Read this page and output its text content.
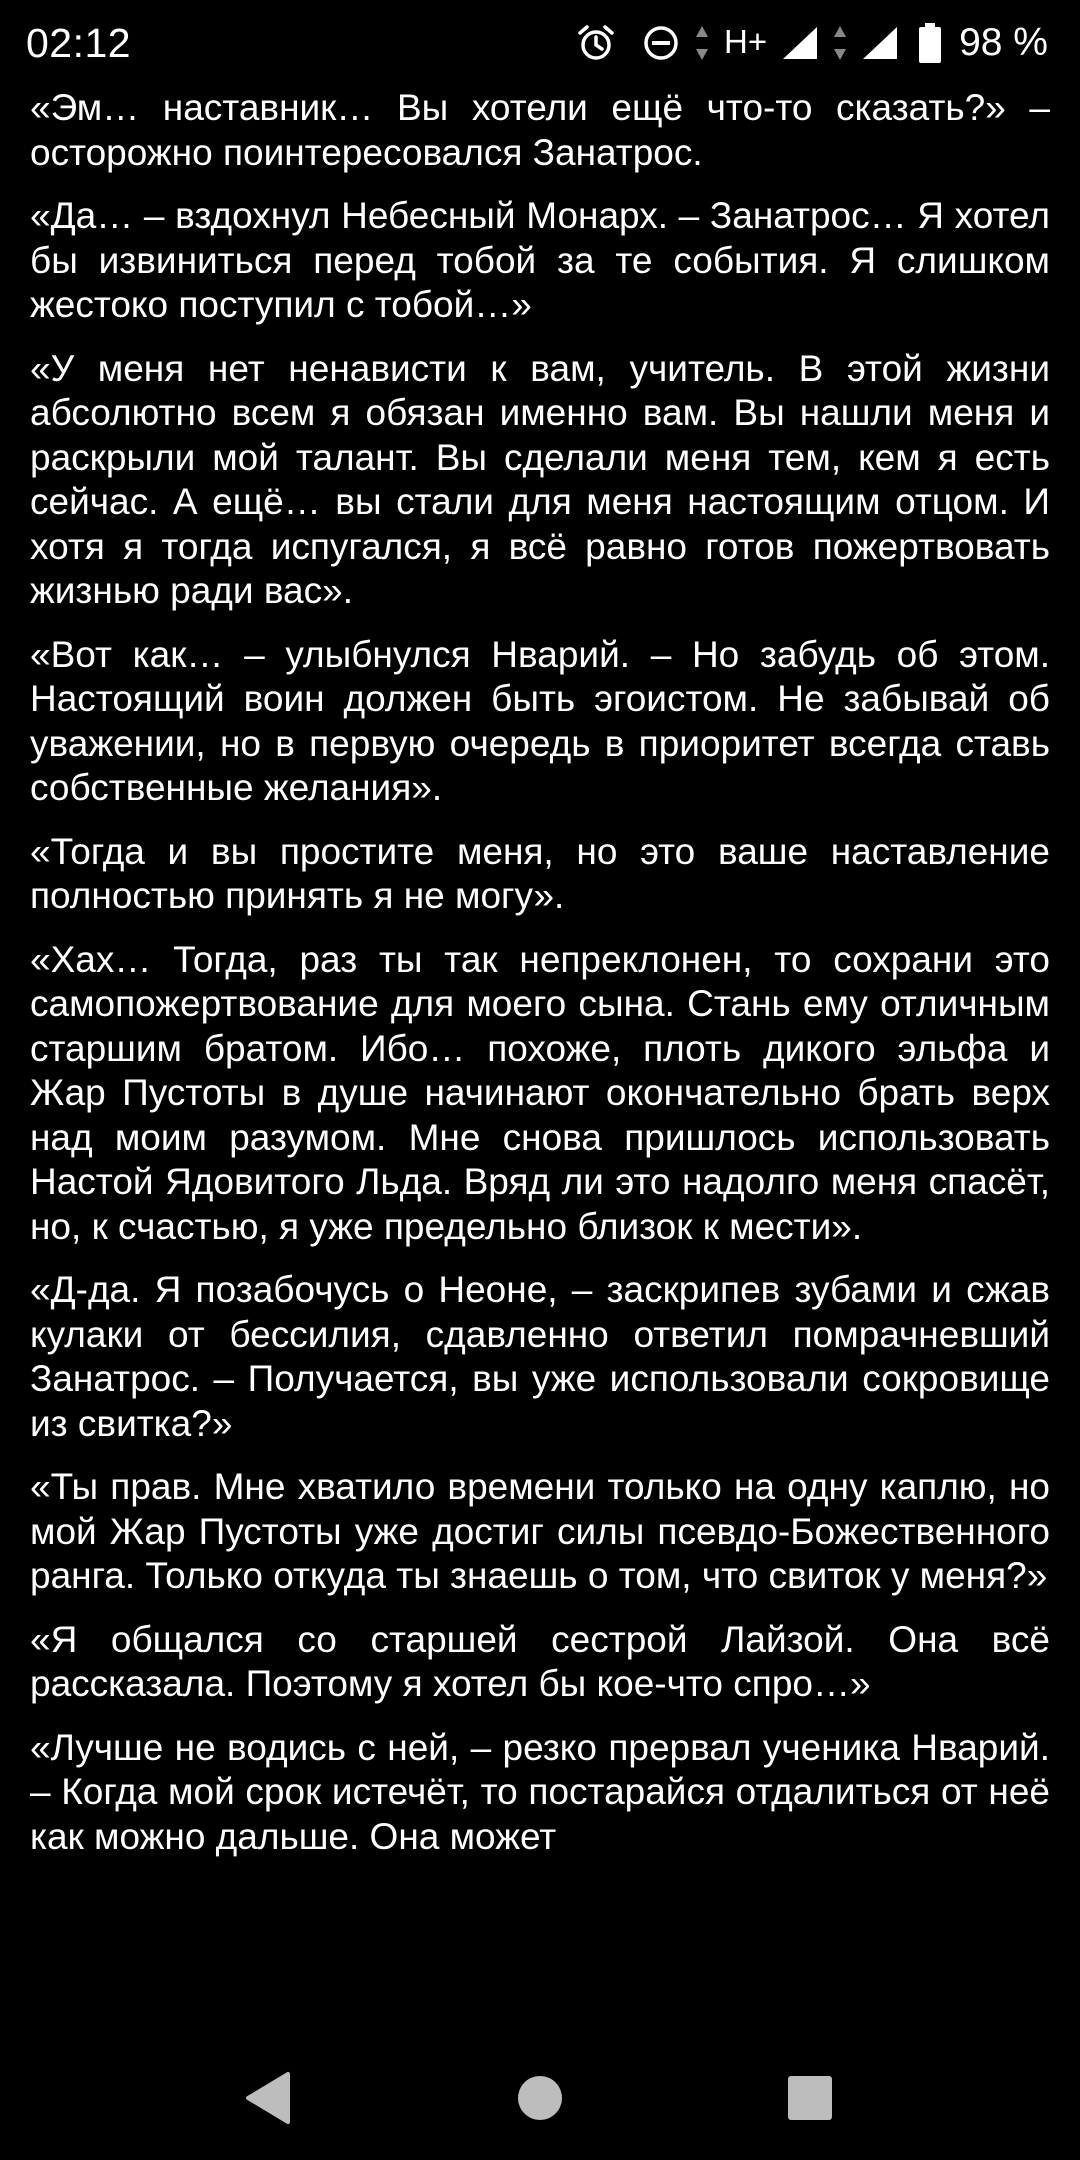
02:12	H+	98 %

«Эм… наставник… Вы хотели ещё что-то сказать?» – осторожно поинтересовался Занатрос.

«Да… – вздохнул Небесный Монарх. – Занатрос… Я хотел бы извиниться перед тобой за те события. Я слишком жестоко поступил с тобой…»

«У меня нет ненависти к вам, учитель. В этой жизни абсолютно всем я обязан именно вам. Вы нашли меня и раскрыли мой талант. Вы сделали меня тем, кем я есть сейчас. А ещё… вы стали для меня настоящим отцом. И хотя я тогда испугался, я всё равно готов пожертвовать жизнью ради вас».

«Вот как… – улыбнулся Нварий. – Но забудь об этом. Настоящий воин должен быть эгоистом. Не забывай об уважении, но в первую очередь в приоритет всегда ставь собственные желания».

«Тогда и вы простите меня, но это ваше наставление полностью принять я не могу».

«Хах… Тогда, раз ты так непреклонен, то сохрани это самопожертвование для моего сына. Стань ему отличным старшим братом. Ибо… похоже, плоть дикого эльфа и Жар Пустоты в душе начинают окончательно брать верх над моим разумом. Мне снова пришлось использовать Настой Ядовитого Льда. Вряд ли это надолго меня спасёт, но, к счастью, я уже предельно близок к мести».

«Д-да. Я позабочусь о Неоне, – заскрипев зубами и сжав кулаки от бессилия, сдавленно ответил помрачневший Занатрос. – Получается, вы уже использовали сокровище из свитка?»

«Ты прав. Мне хватило времени только на одну каплю, но мой Жар Пустоты уже достиг силы псевдо-Божественного ранга. Только откуда ты знаешь о том, что свиток у меня?»

«Я общался со старшей сестрой Лайзой. Она всё рассказала. Поэтому я хотел бы кое-что спро…»

«Лучше не водись с ней, – резко прервал ученика Нварий. – Когда мой срок истечёт, то постарайся отдалиться от неё как можно дальше. Она может
